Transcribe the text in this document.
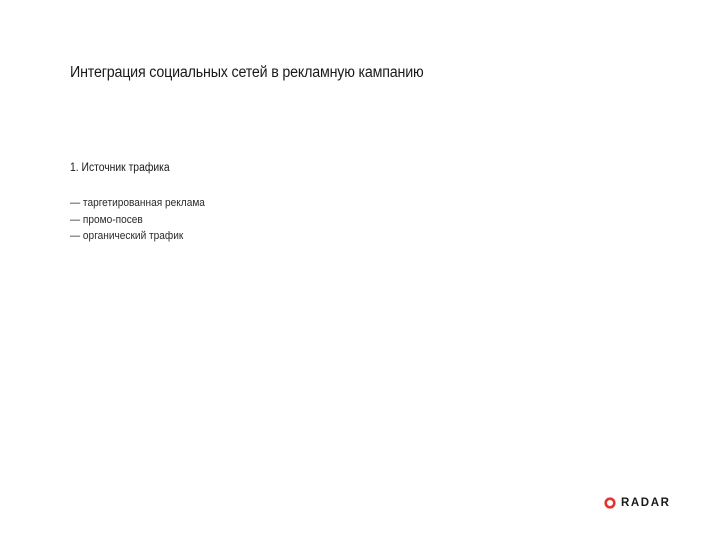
Интеграция социальных сетей в рекламную кампанию
1. Источник трафика
— таргетированная реклама
— промо-посев
— органический трафик
RADAR
